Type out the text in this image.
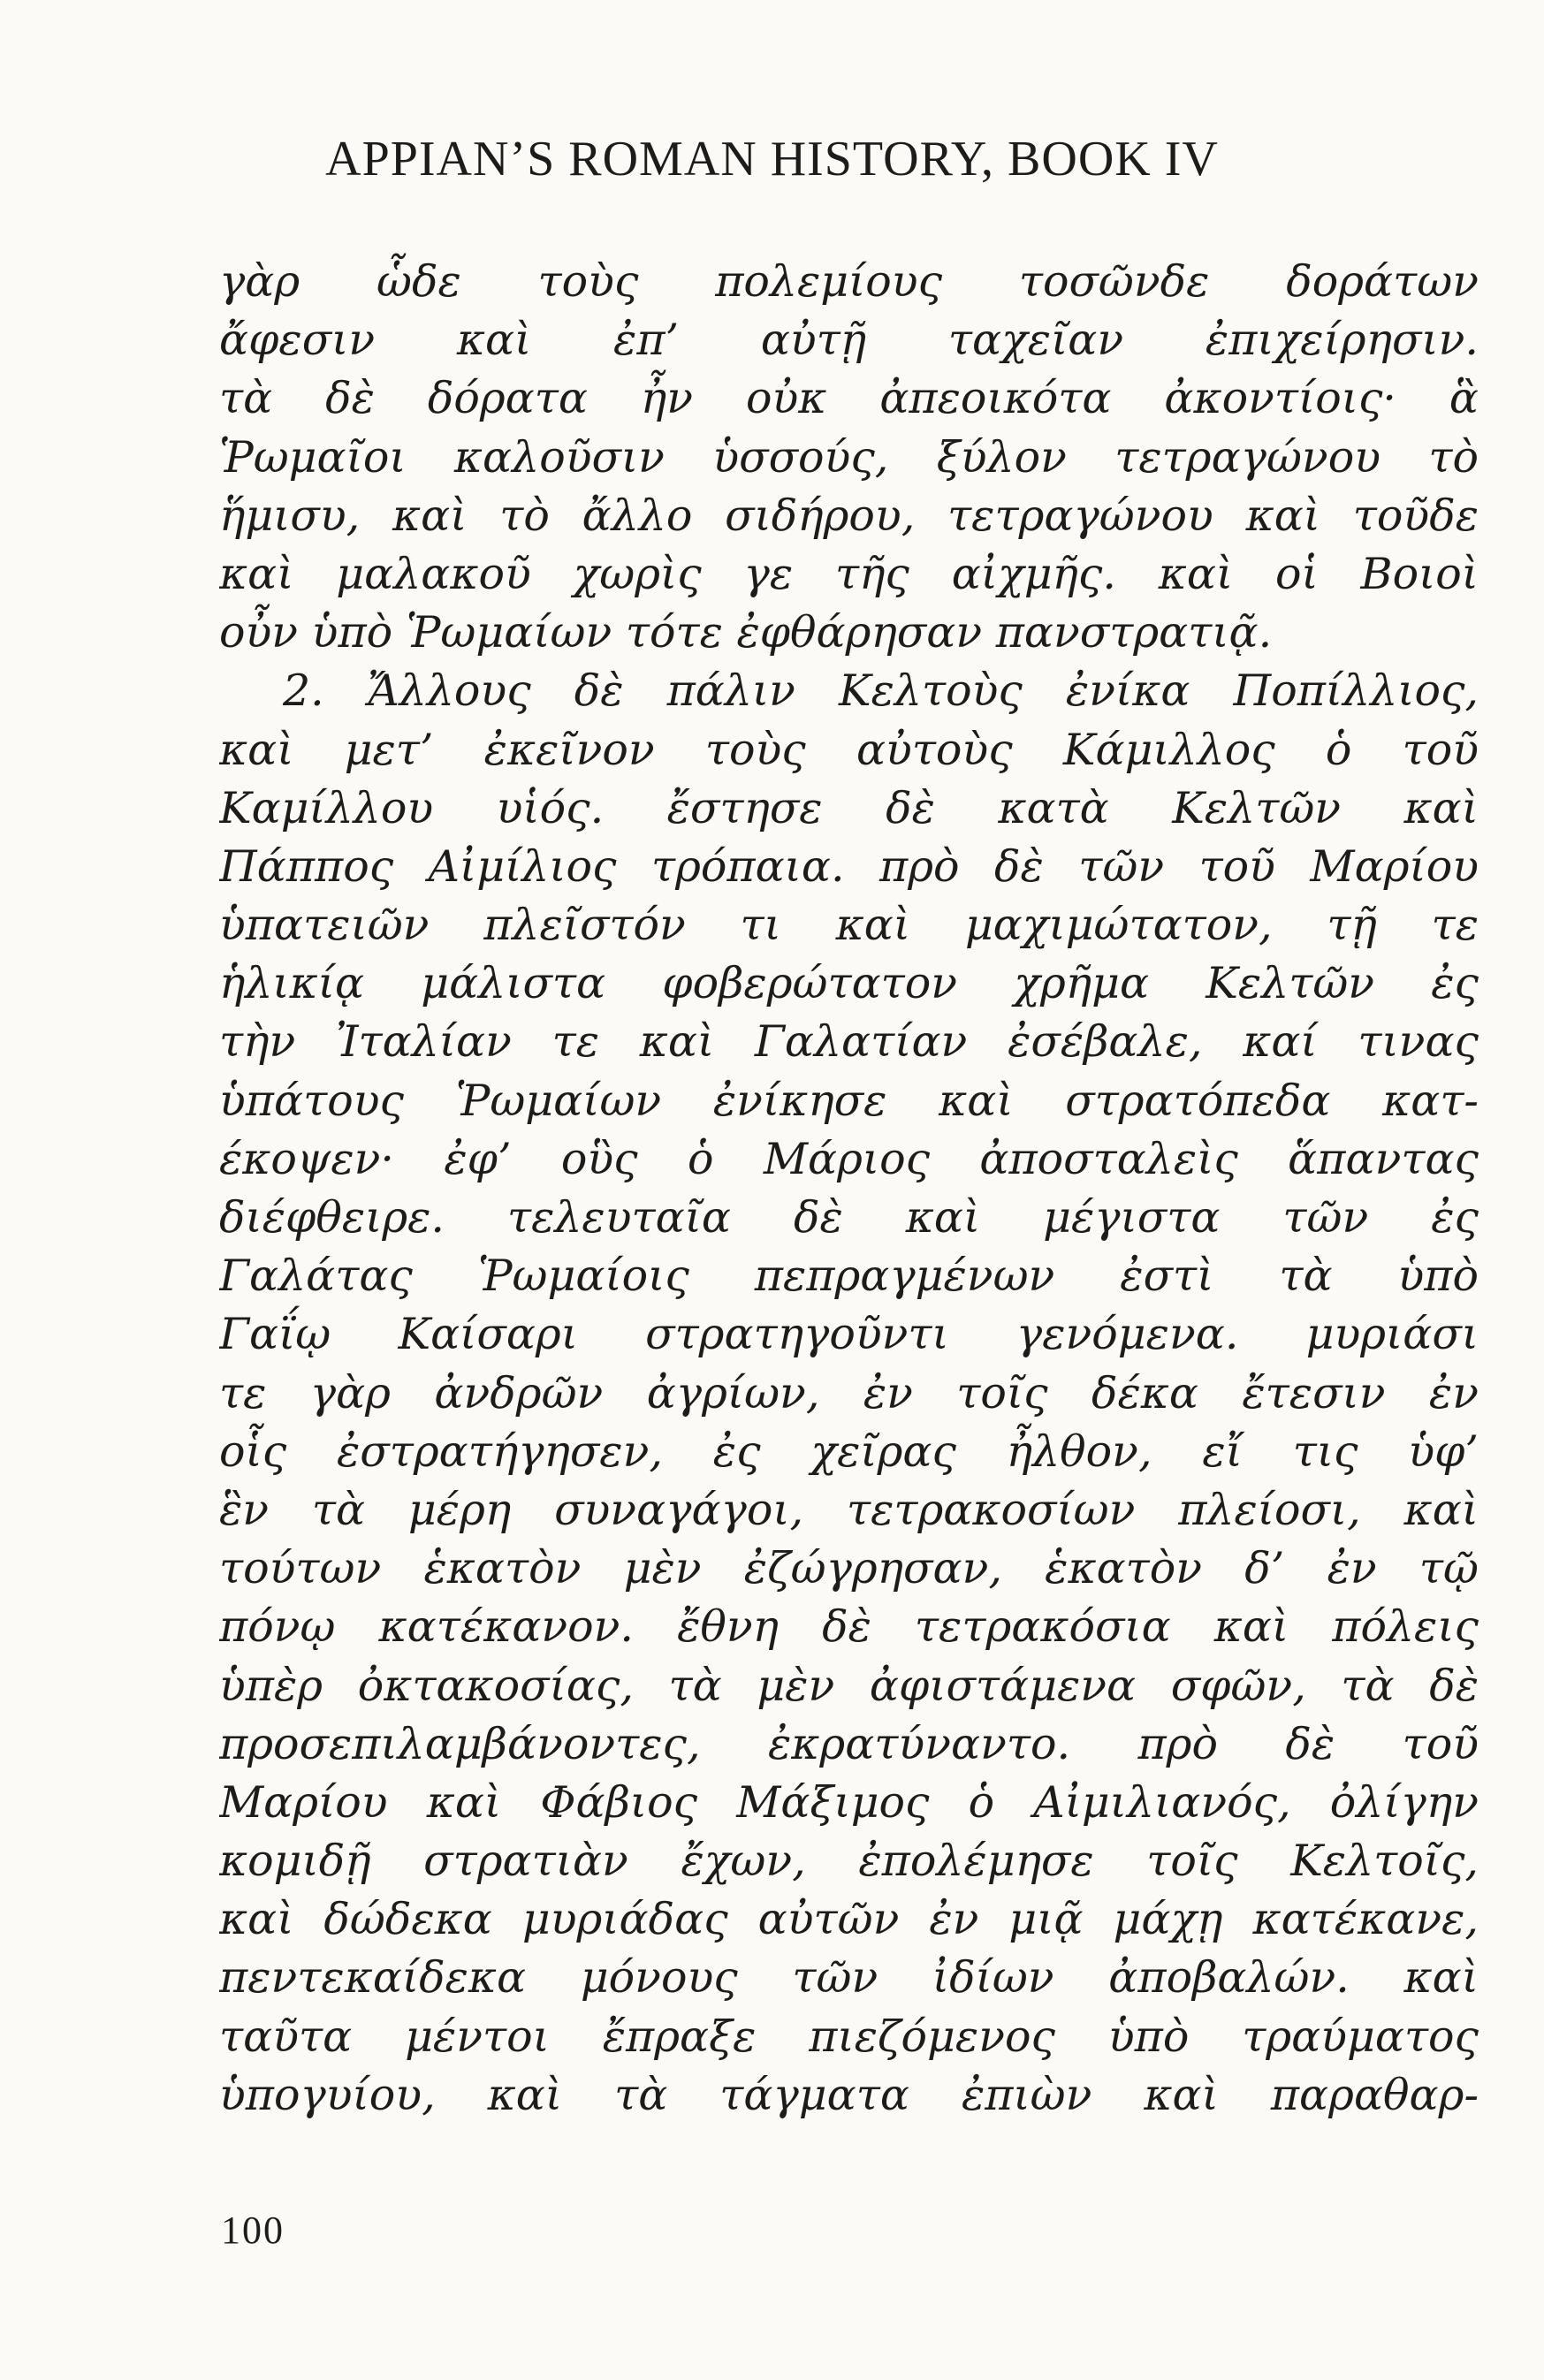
APPIAN’S ROMAN HISTORY, BOOK IV
γὰρ ὧδε τοὺς πολεμίους τοσῶνδε δοράτων
ἄφεσιν καὶ ἐπ’ αὐτῇ ταχεῖαν ἐπιχείρησιν.
τὰ δὲ δόρατα ἦν οὐκ ἀπεοικότα ἀκοντίοις· ἃ
Ῥωμαῖοι καλοῦσιν ὑσσούς, ξύλον τετραγώνου τὸ
ἥμισυ, καὶ τὸ ἄλλο σιδήρου, τετραγώνου καὶ τοῦδε
καὶ μαλακοῦ χωρὶς γε τῆς αἰχμῆς. καὶ οἱ Βοιοὶ
οὖν ὑπὸ Ῥωμαίων τότε ἐφθάρησαν πανστρατιᾷ.
2. Ἄλλους δὲ πάλιν Κελτοὺς ἐνίκα Ποπίλλιος,
καὶ μετ’ ἐκεῖνον τοὺς αὐτοὺς Κάμιλλος ὁ τοῦ
Καμίλλου υἱός. ἔστησε δὲ κατὰ Κελτῶν καὶ
Πάππος Αἰμίλιος τρόπαια. πρὸ δὲ τῶν τοῦ Μαρίου
ὑπατειῶν πλεῖστόν τι καὶ μαχιμώτατον, τῇ τε
ἡλικίᾳ μάλιστα φοβερώτατον χρῆμα Κελτῶν ἐς
τὴν Ἰταλίαν τε καὶ Γαλατίαν ἐσέβαλε, καί τινας
ὑπάτους Ῥωμαίων ἐνίκησε καὶ στρατόπεδα κατ-
έκοψεν· ἐφ’ οὓς ὁ Μάριος ἀποσταλεὶς ἅπαντας
διέφθειρε. τελευταῖα δὲ καὶ μέγιστα τῶν ἐς
Γαλάτας Ῥωμαίοις πεπραγμένων ἐστὶ τὰ ὑπὸ
Γαΐῳ Καίσαρι στρατηγοῦντι γενόμενα. μυριάσι
τε γὰρ ἀνδρῶν ἀγρίων, ἐν τοῖς δέκα ἔτεσιν ἐν
οἷς ἐστρατήγησεν, ἐς χεῖρας ἦλθον, εἴ τις ὑφ’
ἓν τὰ μέρη συναγάγοι, τετρακοσίων πλείοσι, καὶ
τούτων ἑκατὸν μὲν ἐζώγρησαν, ἑκατὸν δ’ ἐν τῷ
πόνῳ κατέκανον. ἔθνη δὲ τετρακόσια καὶ πόλεις
ὑπὲρ ὀκτακοσίας, τὰ μὲν ἀφιστάμενα σφῶν, τὰ δὲ
προσεπιλαμβάνοντες, ἐκρατύναντο. πρὸ δὲ τοῦ
Μαρίου καὶ Φάβιος Μάξιμος ὁ Αἰμιλιανός, ὀλίγην
κομιδῇ στρατιὰν ἔχων, ἐπολέμησε τοῖς Κελτοῖς,
καὶ δώδεκα μυριάδας αὐτῶν ἐν μιᾷ μάχῃ κατέκανε,
πεντεκαίδεκα μόνους τῶν ἰδίων ἀποβαλών. καὶ
ταῦτα μέντοι ἔπραξε πιεζόμενος ὑπὸ τραύματος
ὑπογυίου, καὶ τὰ τάγματα ἐπιὼν καὶ παραθαρ-
100
